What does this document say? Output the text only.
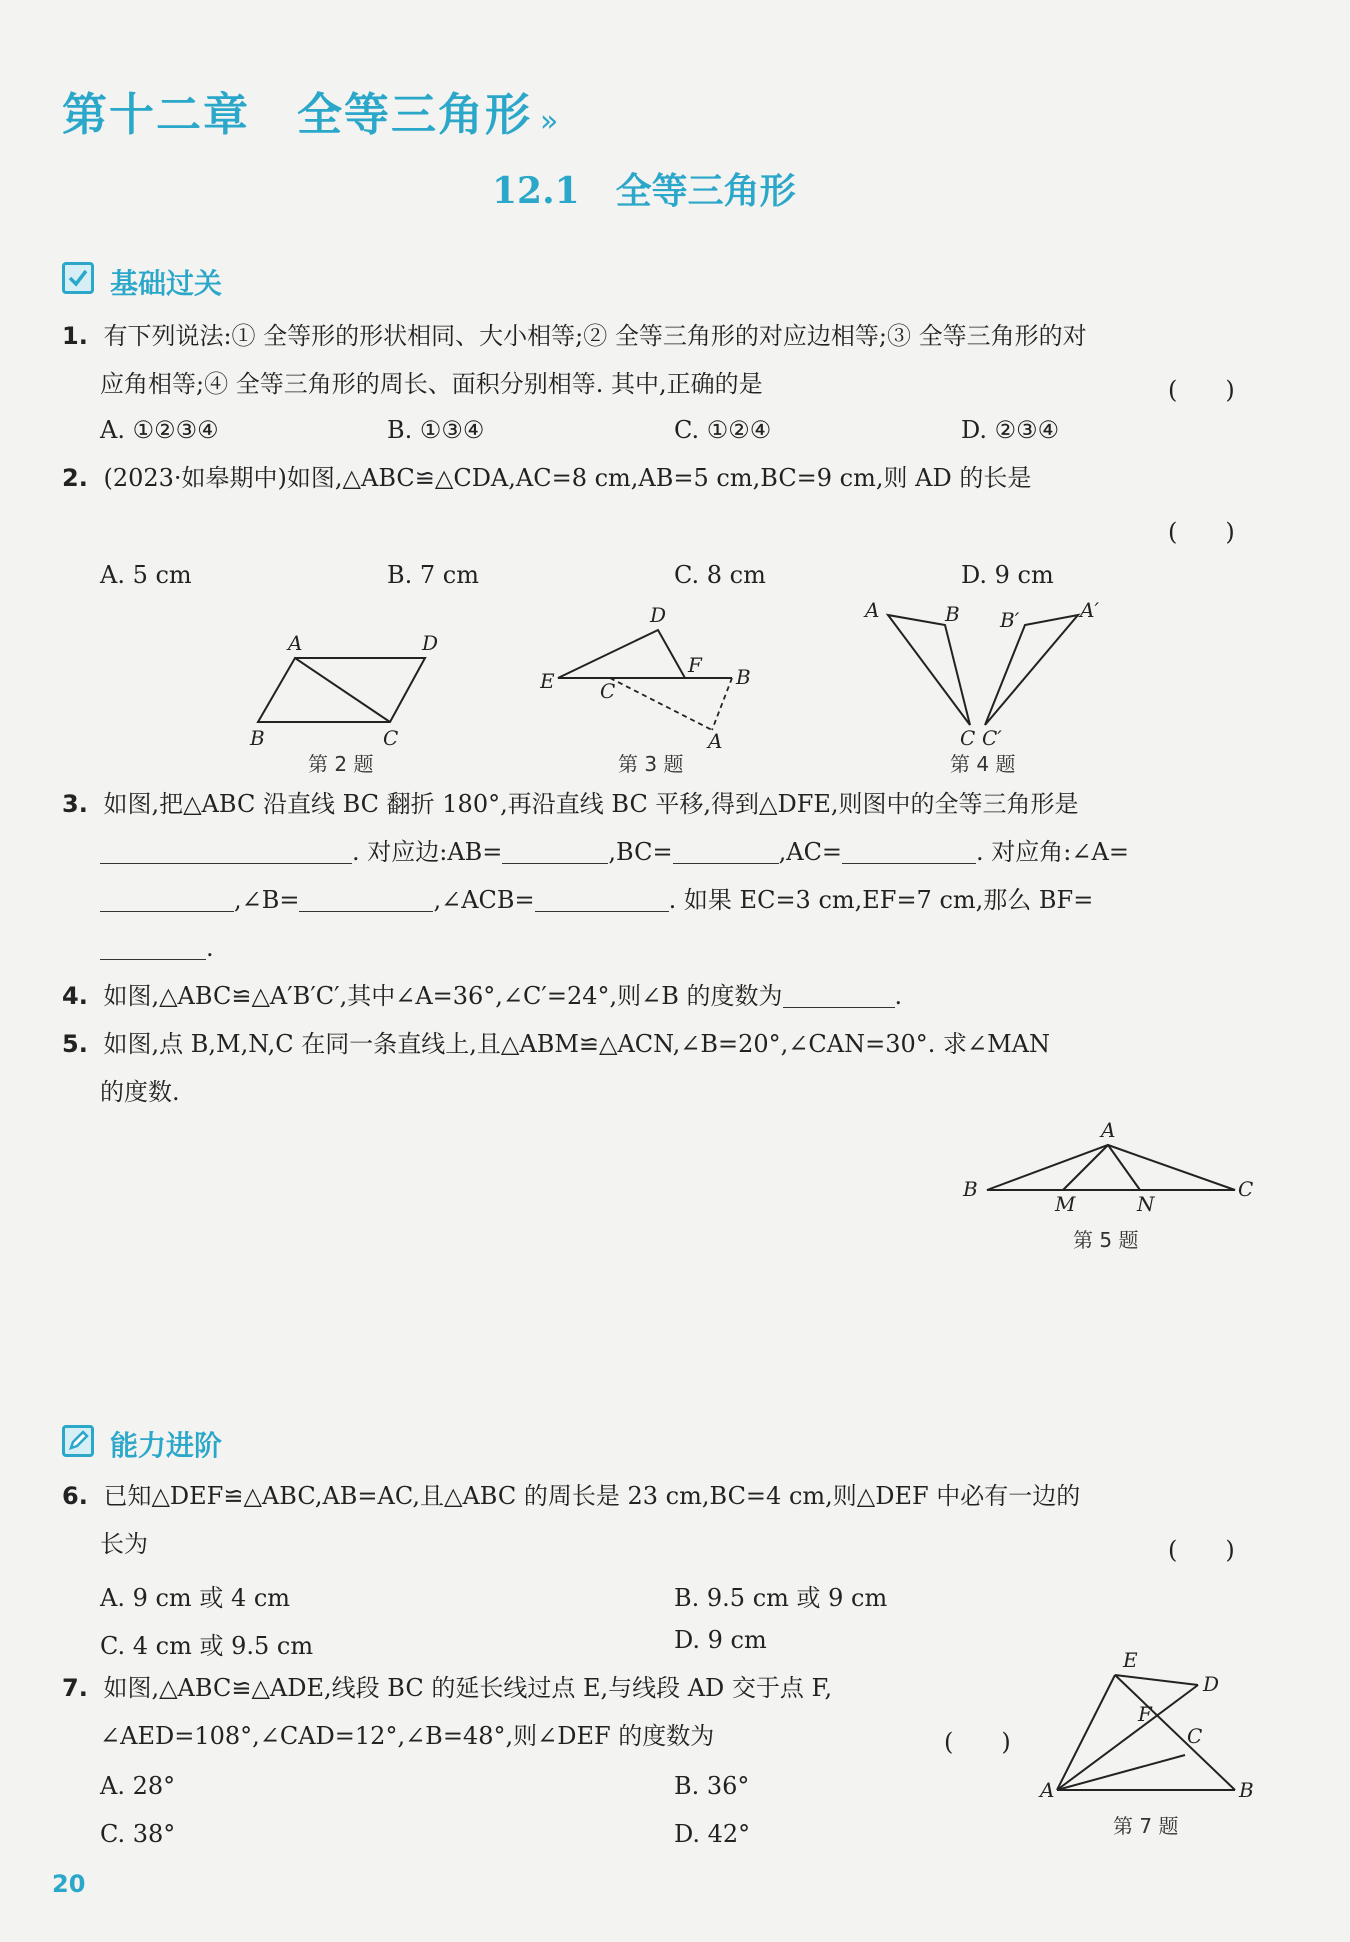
第十二章　全等三角形 »
12.1　全等三角形
基础过关
1. 有下列说法:① 全等形的形状相同、大小相等;② 全等三角形的对应边相等;③ 全等三角形的对
应角相等;④ 全等三角形的周长、面积分别相等. 其中,正确的是	(　　)
A. ①②③④	B. ①③④	C. ①②④	D. ②③④
2. (2023·如皋期中)如图,△ABC≌△CDA,AC=8 cm,AB=5 cm,BC=9 cm,则 AD 的长是
(　　)
A. 5 cm	B. 7 cm	C. 8 cm	D. 9 cm
A	D
B	C
第 2 题
D
E C
F B
A
第 3 题
A	B B′	A′
C C′
第 4 题
3. 如图,把△ABC 沿直线 BC 翻折 180°,再沿直线 BC 平移,得到△DFE,则图中的全等三角形是
. 对应边:AB=	,BC=	,AC=	. 对应角:∠A=
,∠B=	,∠ACB=	. 如果 EC=3 cm,EF=7 cm,那么 BF=
.
4. 如图,△ABC≌△A′B′C′,其中∠A=36°,∠C′=24°,则∠B 的度数为	.
5. 如图,点 B,M,N,C 在同一条直线上,且△ABM≌△ACN,∠B=20°,∠CAN=30°. 求∠MAN
的度数.
A
B
M	N
C
第 5 题
能力进阶
6. 已知△DEF≌△ABC,AB=AC,且△ABC 的周长是 23 cm,BC=4 cm,则△DEF 中必有一边的
长为	(　　)
A. 9 cm 或 4 cm	B. 9.5 cm 或 9 cm
C. 4 cm 或 9.5 cm	D. 9 cm
7. 如图,△ABC≌△ADE,线段 BC 的延长线过点 E,与线段 AD 交于点 F,
∠AED=108°,∠CAD=12°,∠B=48°,则∠DEF 的度数为	(　　)
A. 28°	B. 36°
C. 38°	D. 42°
E
D
F
C
A	B
第 7 题
20
